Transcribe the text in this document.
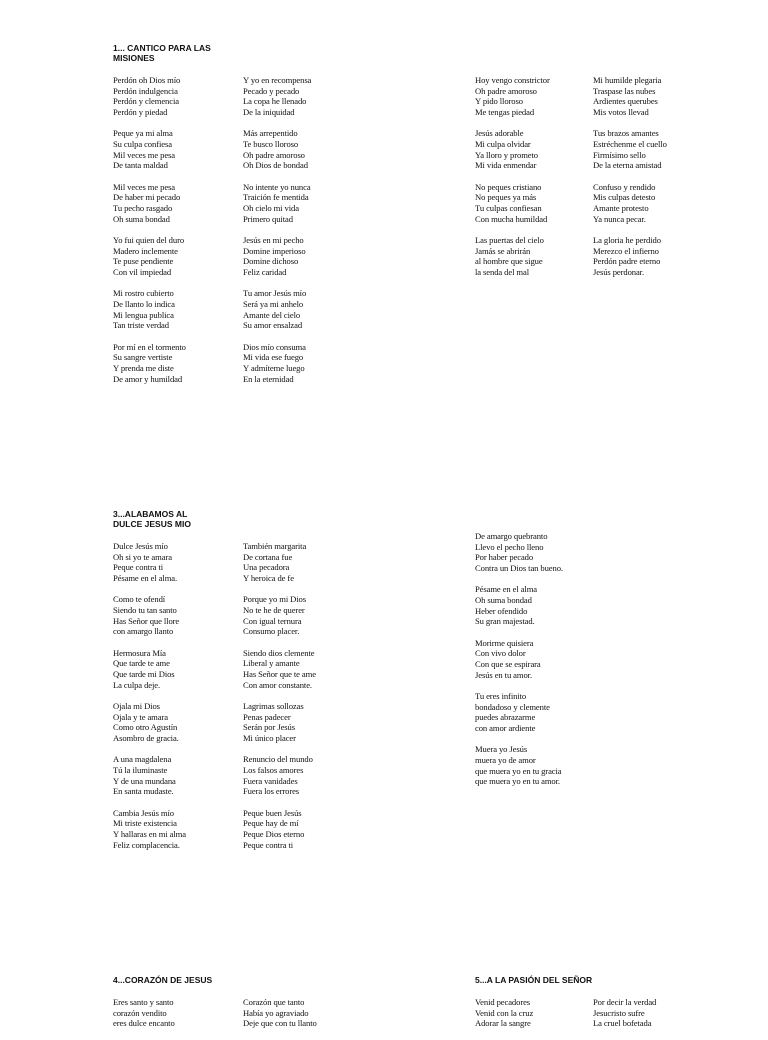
1... CANTICO PARA LAS MISIONES
Perdón oh Dios mío
Perdón indulgencia
Perdón y clemencia
Perdón y piedad
Peque ya mi alma
Su culpa confiesa
Mil veces me pesa
De tanta maldad
Mil veces me pesa
De haber mi pecado
Tu pecho rasgado
Oh suma bondad
Yo fui quien del duro
Madero inclemente
Te puse pendiente
Con vil impiedad
Mi rostro cubierto
De llanto lo indica
Mi lengua publica
Tan triste verdad
Por mí en el tormento
Su sangre vertiste
Y prenda me diste
De amor y humildad
Y yo en recompensa
Pecado y pecado
La copa he llenado
De la iniquidad
Más arrepentido
Te busco lloroso
Oh padre amoroso
Oh Dios de bondad
No intente yo nunca
Traición fe mentida
Oh cielo mi vida
Primero quitad
Jesús en mi pecho
Domine imperioso
Domine dichoso
Feliz caridad
Tu amor Jesús mío
Será ya mi anhelo
Amante del cielo
Su amor ensalzad
Dios mío consuma
Mi vida ese fuego
Y admíteme luego
En la eternidad
Hoy vengo constrictor
Oh padre amoroso
Y pido lloroso
Me tengas piedad
Jesús adorable
Mi culpa olvidar
Ya lloro y prometo
Mi vida enmendar
No peques cristiano
No peques ya más
Tu culpas confiesan
Con mucha humildad
Las puertas del cielo
Jamás se abrirán
al hombre que sigue
la senda del mal
Mi humilde plegaria
Traspase las nubes
Ardientes querubes
Mis votos llevad
Tus brazos amantes
Estréchenme el cuello
Firmísimo sello
De la eterna amistad
Confuso y rendido
Mis culpas detesto
Amante protesto
Ya nunca pecar.
La gloria he perdido
Merezco el infierno
Perdón padre eterno
Jesús perdonar.
3...ALABAMOS AL DULCE JESUS MIO
Dulce Jesús mío
Oh si yo te amara
Peque contra ti
Pésame en el alma.
Como te ofendí
Siendo tu tan santo
Has Señor que llore
con amargo llanto
Hermosura Mía
Que tarde te ame
Que tarde mi Dios
La culpa deje.
Ojala mi Dios
Ojala y te amara
Como otro Agustín
Asombro de gracia.
A una magdalena
Tú la iluminaste
Y de una mundana
En santa mudaste.
Cambia Jesús mío
Mi triste existencia
Y hallaras en mi alma
Feliz complacencia.
También margarita
De cortana fue
Una pecadora
Y heroica de fe
Porque yo mi Dios
No te he de querer
Con igual ternura
Consumo placer.
Siendo dios clemente
Liberal y amante
Has Señor que te ame
Con amor constante.
Lagrimas sollozas
Penas padecer
Serán por Jesús
Mi único placer
Renuncio del mundo
Los falsos amores
Fuera vanidades
Fuera los errores
Peque buen Jesús
Peque hay de mí
Peque Dios eterno
Peque contra ti
De amargo quebranto
Llevo el pecho lleno
Por haber pecado
Contra un Dios tan bueno.
Pésame en el alma
Oh suma bondad
Heber ofendido
Su gran majestad.
Morirme quisiera
Con vivo dolor
Con que se espirara
Jesús en tu amor.
Tu eres infinito
bondadoso y clemente
puedes abrazarme
con amor ardiente
Muera yo Jesús
muera yo de amor
que muera yo en tu gracia
que muera yo en tu amor.
4...CORAZÓN DE JESUS
Eres santo y santo
corazón vendito
eres dulce encanto
Corazón que tanto
Había yo agraviado
Deje que con tu llanto
5...A LA PASIÓN DEL SEÑOR
Venid pecadores
Venid con la cruz
Adorar la sangre
Por decir la verdad
Jesucristo sufre
La cruel bofetada
